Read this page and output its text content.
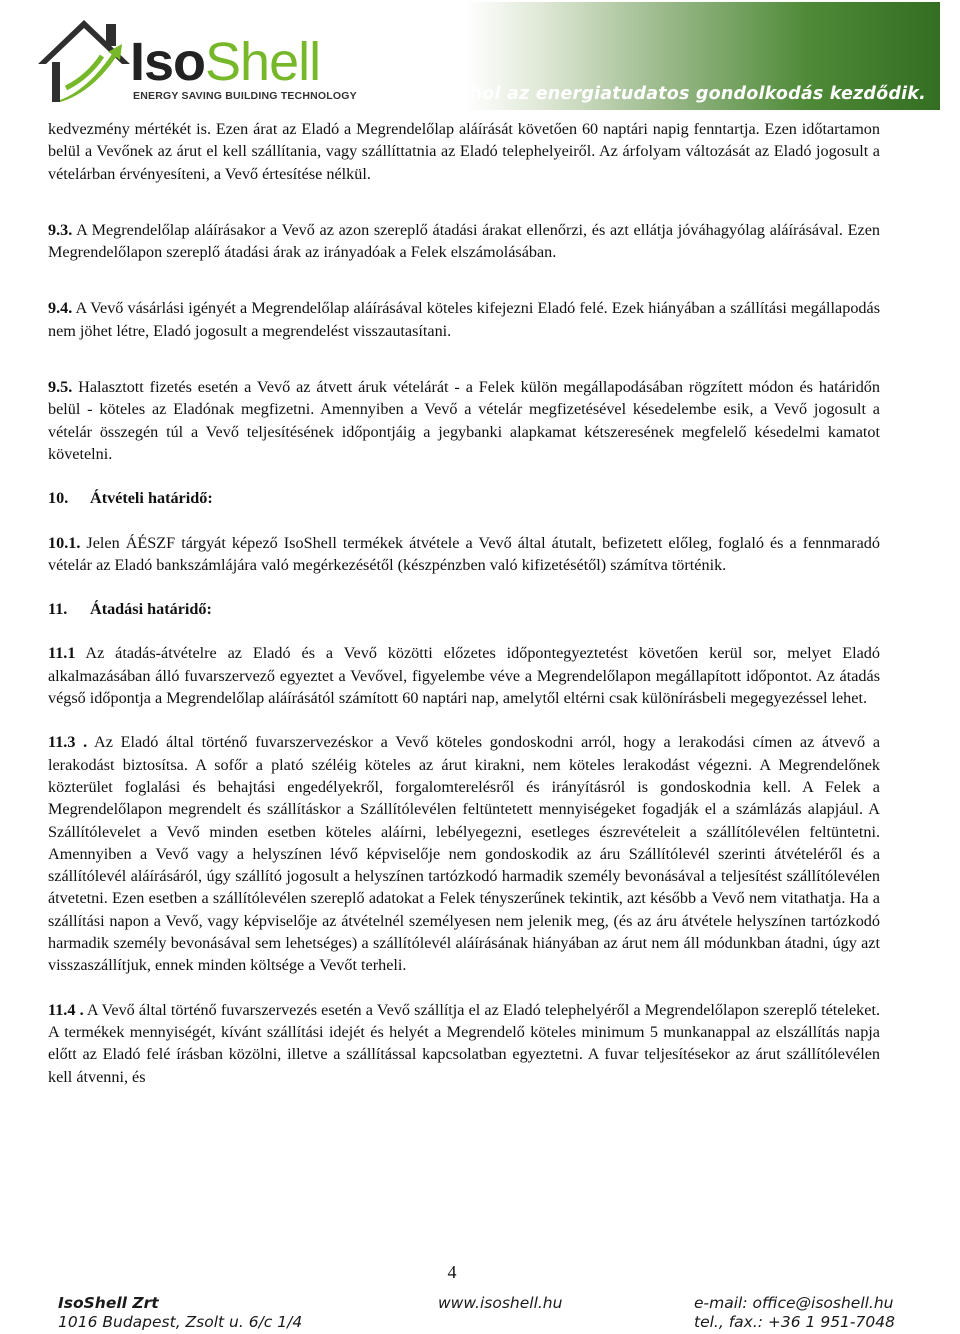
IsoShell
ENERGY SAVING BUILDING TECHNOLOGY	Ahol az energiatudatos gondolkodás kezdődik.

kedvezmény mértékét is. Ezen árat az Eladó a Megrendelőlap aláírását követően 60 naptári napig fenntartja. Ezen időtartamon belül a Vevőnek az árut el kell szállítania, vagy szállíttatnia az Eladó telephelyeiről. Az árfolyam változását az Eladó jogosult a vételárban érvényesíteni, a Vevő értesítése nélkül.

9.3. A Megrendelőlap aláírásakor a Vevő az azon szereplő átadási árakat ellenőrzi, és azt ellátja jóváhagyólag aláírásával. Ezen Megrendelőlapon szereplő átadási árak az irányadóak a Felek elszámolásában.

9.4. A Vevő vásárlási igényét a Megrendelőlap aláírásával köteles kifejezni Eladó felé. Ezek hiányában a szállítási megállapodás nem jöhet létre, Eladó jogosult a megrendelést visszautasítani.

9.5. Halasztott fizetés esetén a Vevő az átvett áruk vételárát - a Felek külön megállapodásában rögzített módon és határidőn belül - köteles az Eladónak megfizetni. Amennyiben a Vevő a vételár megfizetésével késedelembe esik, a Vevő jogosult a vételár összegén túl a Vevő teljesítésének időpontjáig a jegybanki alapkamat kétszeresének megfelelő késedelmi kamatot követelni.

10. Átvételi határidő:

10.1. Jelen ÁÉSZF tárgyát képező IsoShell termékek átvétele a Vevő által átutalt, befizetett előleg, foglaló és a fennmaradó vételár az Eladó bankszámlájára való megérkezésétől (készpénzben való kifizetésétől) számítva történik.

11. Átadási határidő:

11.1 Az átadás-átvételre az Eladó és a Vevő közötti előzetes időpontegyeztetést követően kerül sor, melyet Eladó alkalmazásában álló fuvarszervező egyeztet a Vevővel, figyelembe véve a Megrendelőlapon megállapított időpontot. Az átadás végső időpontja a Megrendelőlap aláírásától számított 60 naptári nap, amelytől eltérni csak különírásbeli megegyezéssel lehet.

11.3 . Az Eladó által történő fuvarszervezéskor a Vevő köteles gondoskodni arról, hogy a lerakodási címen az átvevő a lerakodást biztosítsa. A sofőr a plató széléig köteles az árut kirakni, nem köteles lerakodást végezni. A Megrendelőnek közterület foglalási és behajtási engedélyekről, forgalomterelésről és irányításról is gondoskodnia kell. A Felek a Megrendelőlapon megrendelt és szállításkor a Szállítólevélen feltüntetett mennyiségeket fogadják el a számlázás alapjául. A Szállítólevelet a Vevő minden esetben köteles aláírni, lebélyegezni, esetleges észrevételeit a szállítólevélen feltüntetni. Amennyiben a Vevő vagy a helyszínen lévő képviselője nem gondoskodik az áru Szállítólevél szerinti átvételéről és a szállítólevél aláírásáról, úgy szállító jogosult a helyszínen tartózkodó harmadik személy bevonásával a teljesítést szállítólevélen átvetetni. Ezen esetben a szállítólevélen szereplő adatokat a Felek tényszerűnek tekintik, azt később a Vevő nem vitathatja. Ha a szállítási napon a Vevő, vagy képviselője az átvételnél személyesen nem jelenik meg, (és az áru átvétele helyszínen tartózkodó harmadik személy bevonásával sem lehetséges) a szállítólevél aláírásának hiányában az árut nem áll módunkban átadni, úgy azt visszaszállítjuk, ennek minden költsége a Vevőt terheli.

11.4 . A Vevő által történő fuvarszervezés esetén a Vevő szállítja el az Eladó telephelyéről a Megrendelőlapon szereplő tételeket. A termékek mennyiségét, kívánt szállítási idejét és helyét a Megrendelő köteles minimum 5 munkanappal az elszállítás napja előtt az Eladó felé írásban közölni, illetve a szállítással kapcsolatban egyeztetni. A fuvar teljesítésekor az árut szállítólevélen kell átvenni, és

4
IsoShell Zrt
1016 Budapest, Zsolt u. 6/c 1/4
www.isoshell.hu	e-mail: office@isoshell.hu
tel., fax.: +36 1 951-7048
